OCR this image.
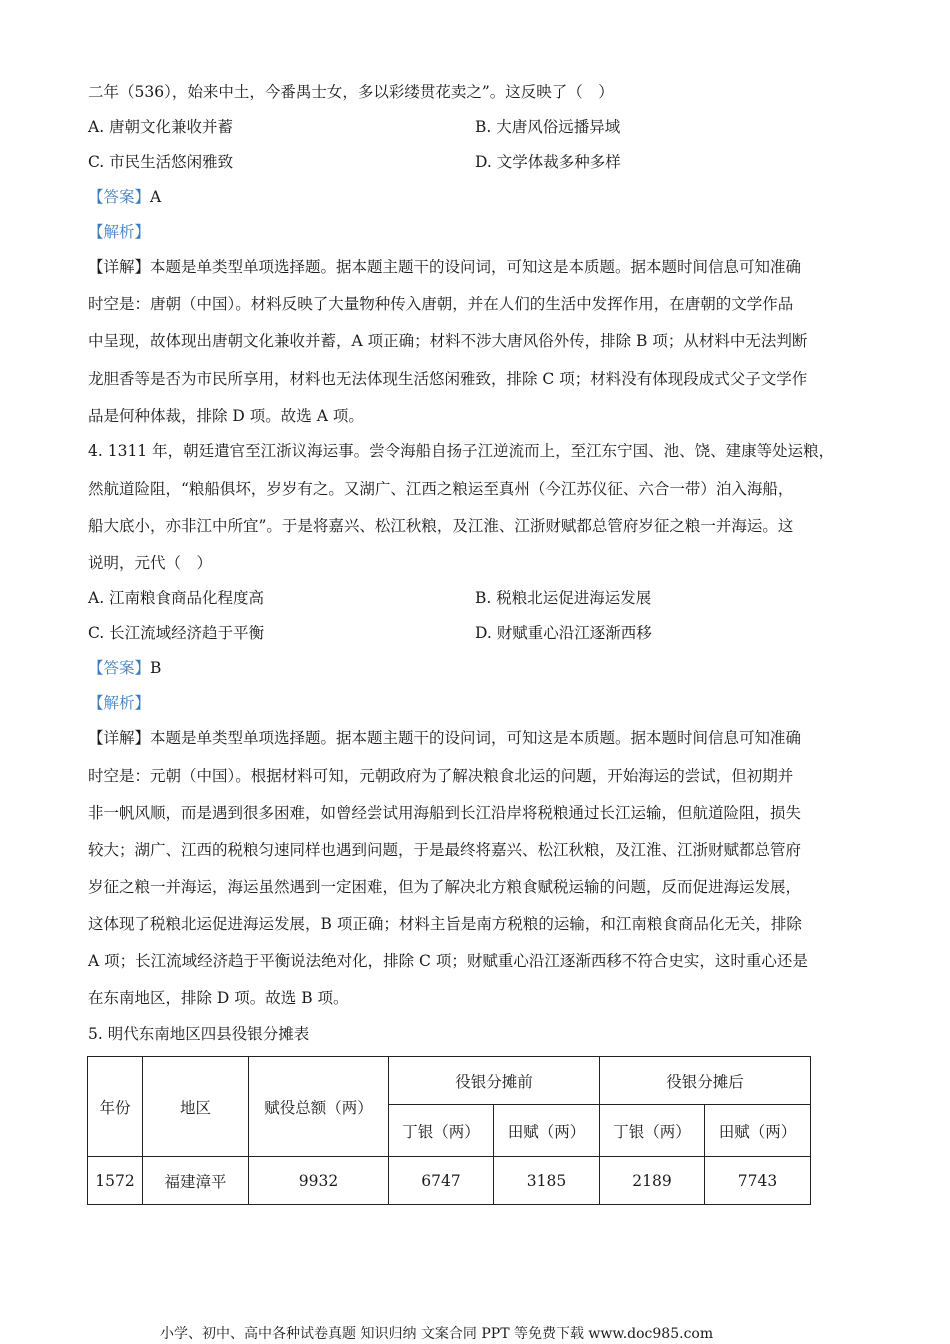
二年（536），始来中土，今番禺士女，多以彩缕贯花卖之”。这反映了（　）
A. 唐朝文化兼收并蓄	B. 大唐风俗远播异域
C. 市民生活悠闲雅致	D. 文学体裁多种多样
【答案】A
【解析】
【详解】本题是单类型单项选择题。据本题主题干的设问词，可知这是本质题。据本题时间信息可知准确
时空是：唐朝（中国）。材料反映了大量物种传入唐朝，并在人们的生活中发挥作用，在唐朝的文学作品
中呈现，故体现出唐朝文化兼收并蓄，A 项正确；材料不涉大唐风俗外传，排除 B 项；从材料中无法判断
龙胆香等是否为市民所享用，材料也无法体现生活悠闲雅致，排除 C 项；材料没有体现段成式父子文学作
品是何种体裁，排除 D 项。故选 A 项。
4. 1311 年，朝廷遣官至江浙议海运事。尝令海船自扬子江逆流而上，至江东宁国、池、饶、建康等处运粮，
然航道险阻，“粮船俱坏，岁岁有之。又湖广、江西之粮运至真州（今江苏仪征、六合一带）泊入海船，
船大底小，亦非江中所宜”。于是将嘉兴、松江秋粮，及江淮、江浙财赋都总管府岁征之粮一并海运。这
说明，元代（　）
A. 江南粮食商品化程度高	B. 税粮北运促进海运发展
C. 长江流域经济趋于平衡	D. 财赋重心沿江逐渐西移
【答案】B
【解析】
【详解】本题是单类型单项选择题。据本题主题干的设问词，可知这是本质题。据本题时间信息可知准确
时空是：元朝（中国）。根据材料可知，元朝政府为了解决粮食北运的问题，开始海运的尝试，但初期并
非一帆风顺，而是遇到很多困难，如曾经尝试用海船到长江沿岸将税粮通过长江运输，但航道险阻，损失
较大；湖广、江西的税粮匀速同样也遇到问题，于是最终将嘉兴、松江秋粮，及江淮、江浙财赋都总管府
岁征之粮一并海运，海运虽然遇到一定困难，但为了解决北方粮食赋税运输的问题，反而促进海运发展，
这体现了税粮北运促进海运发展，B 项正确；材料主旨是南方税粮的运输，和江南粮食商品化无关，排除
A 项；长江流域经济趋于平衡说法绝对化，排除 C 项；财赋重心沿江逐渐西移不符合史实，这时重心还是
在东南地区，排除 D 项。故选 B 项。
5. 明代东南地区四县役银分摊表
年份	地区	赋役总额（两）	役银分摊前		役银分摊后	
			丁银（两）	田赋（两）	丁银（两）	田赋（两）
1572	福建漳平	9932	6747	3185	2189	7743
小学、初中、高中各种试卷真题 知识归纳 文案合同 PPT 等免费下载 www.doc985.com
